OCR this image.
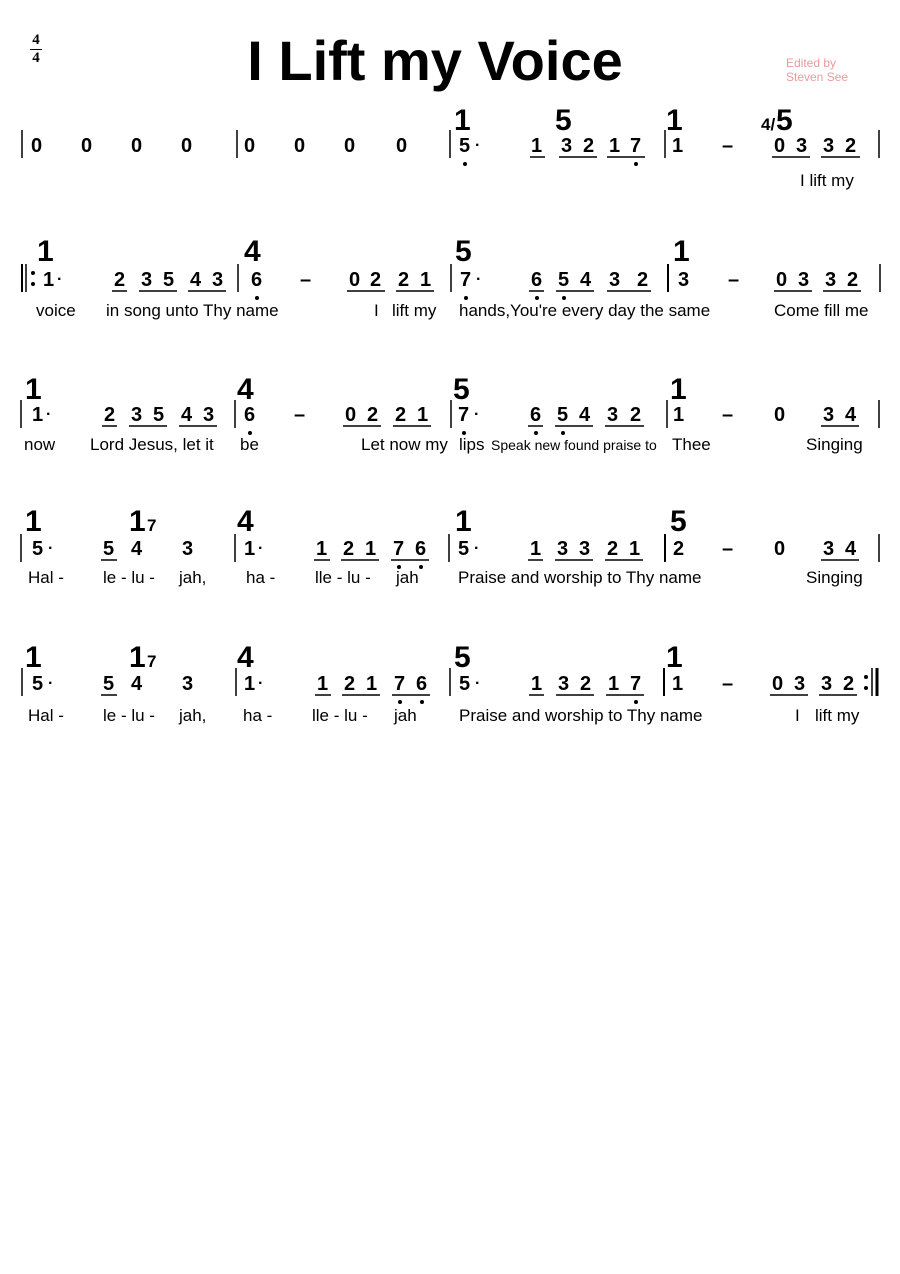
I Lift my Voice	Edited by
Steven See
4
4
1	5	1	4/ 5
0 0 0 0	0 0 0 0	5 ·	1 3 2 1 7 1 – 0 3 3 2
I lift my
1	4	5	1
1 ·	2 3 5 4 3 6 – 0 2 2 1 7 · 6 5 4 3 2 3 – 0 3 3 2
voice in song unto Thy name	I lift my hands,You're every day the same	Come fill me
1	4	5	1
1 ·	2 3 5 4 3 6 – 0 2 2 1 7 ·	6 5 4 3 2 1 – 0 3 4
now Lord Jesus, let it be	Let now my lips Speak new found praise to Thee	Singing
1	1 7	4	1	5
5 · 5 4 3	1 ·	1 2 1 7 6 5 ·	1 3 3 2 1 2 – 0 3 4
Hal - le - lu - jah, ha - lle - lu - jah Praise and worship to Thy name	Singing
1	1 7	4	5	1
5 · 5 4 3	1 ·	1 2 1 7 6 5 ·	1 3 2 1 7 1 – 0 3 3 2
Hal - le - lu - jah, ha - lle - lu - jah Praise and worship to Thy name	I lift my
